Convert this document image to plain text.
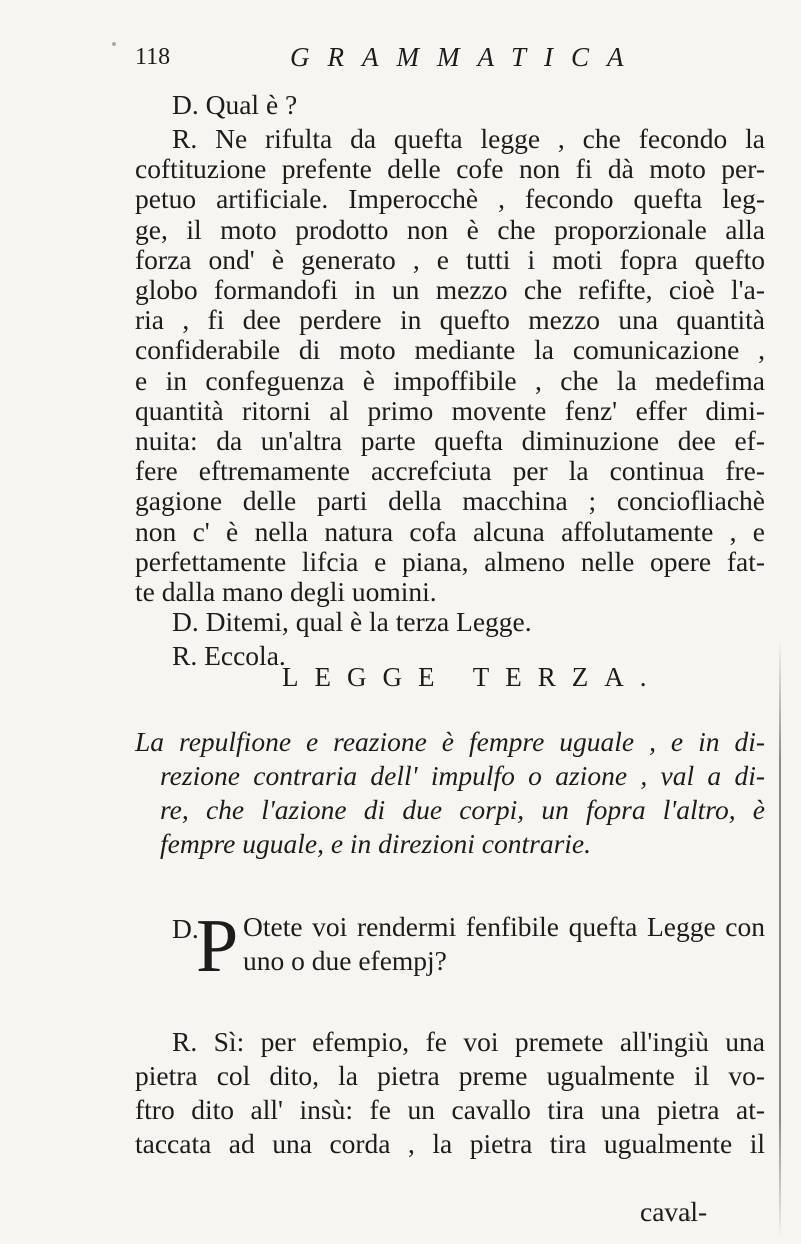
118	GRAMMATICA
D. Qual è ?
R. Ne rifulta da quefta legge , che fecondo la
coftituzione prefente delle cofe non fi dà moto per-
petuo artificiale. Imperocchè , fecondo quefta leg-
ge, il moto prodotto non è che proporzionale alla
forza ond' è generato , e tutti i moti fopra quefto
globo formandofi in un mezzo che refifte, cioè l'a-
ria , fi dee perdere in quefto mezzo una quantità
confiderabile di moto mediante la comunicazione ,
e in confeguenza è impoffibile , che la medefima
quantità ritorni al primo movente fenz' effer dimi-
nuita: da un'altra parte quefta diminuzione dee ef-
fere eftremamente accrefciuta per la continua fre-
gagione delle parti della macchina ; conciofliachè
non c' è nella natura cofa alcuna affolutamente , e
perfettamente lifcia e piana, almeno nelle opere fat-
te dalla mano degli uomini.
D. Ditemi, qual è la terza Legge.
R. Eccola.
LEGGE TERZA.
La repulfione e reazione è fempre uguale , e in di-
rezione contraria dell' impulfo o azione , val a di-
re, che l'azione di due corpi, un fopra l'altro, è
fempre uguale, e in direzioni contrarie.
D.
P Otete voi rendermi fenfibile quefta Legge con
uno o due efempj?
R. Sì: per efempio, fe voi premete all'ingiù una
pietra col dito, la pietra preme ugualmente il vo-
ftro dito all' insù: fe un cavallo tira una pietra at-
taccata ad una corda , la pietra tira ugualmente il
caval-
